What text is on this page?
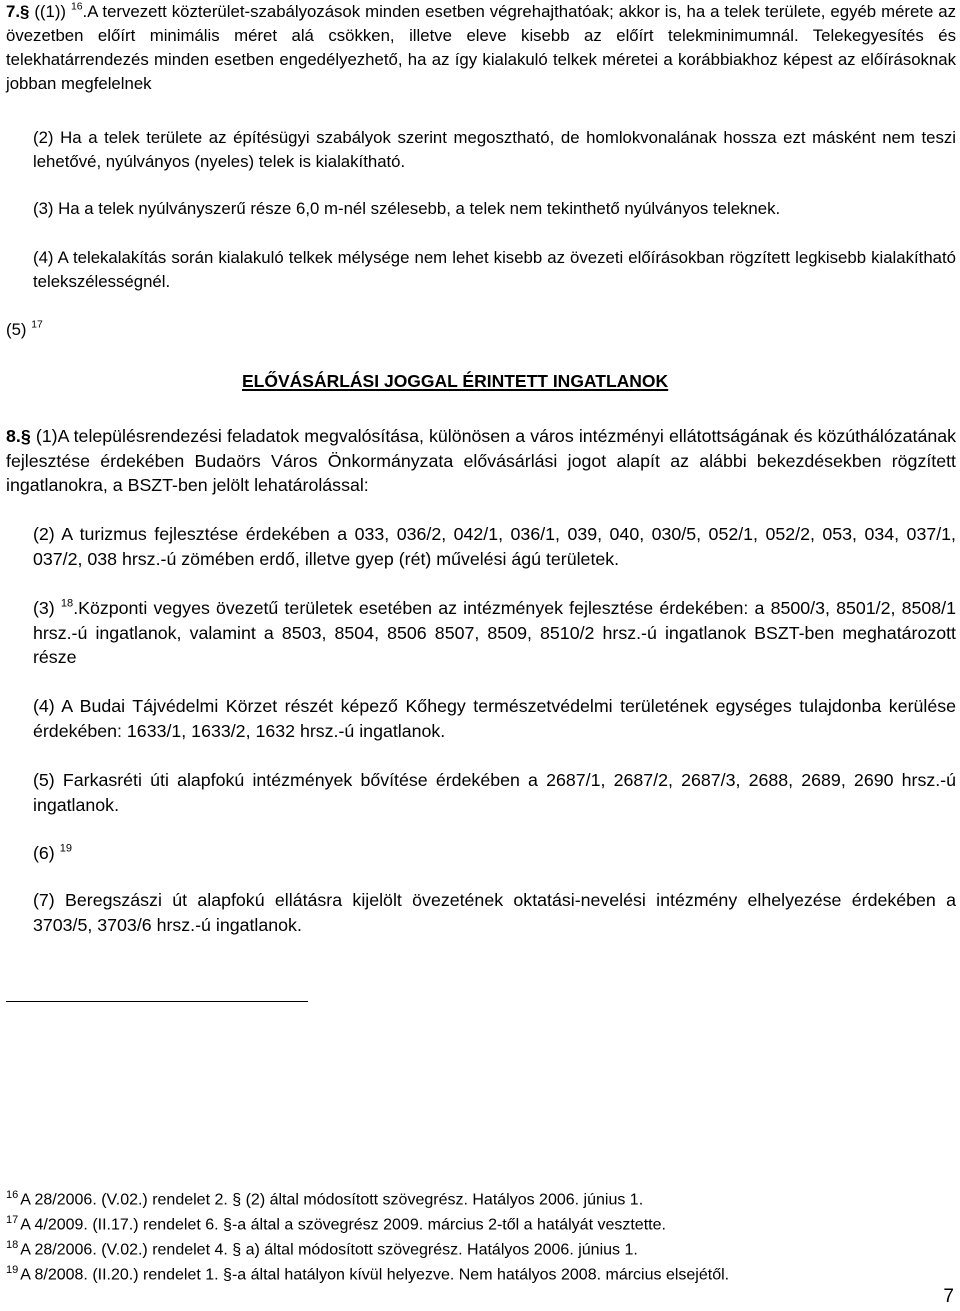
7.§ ((1)) $^{16}$.A tervezett közterület-szabályozások minden esetben végrehajthatóak; akkor is, ha a telek területe, egyéb mérete az övezetben előírt minimális méret alá csökken, illetve eleve kisebb az előírt telekminimumnál. Telekegyesítés és telekhatárrendezés minden esetben engedélyezhető, ha az így kialakuló telkek méretei a korábbiakhoz képest az előírásoknak jobban megfelelnek

(2) Ha a telek területe az építésügyi szabályok szerint megosztható, de homlokvonalának hossza ezt másként nem teszi lehetővé, nyúlványos (nyeles) telek is kialakítható.

(3) Ha a telek nyúlványszerű része 6,0 m-nél szélesebb, a telek nem tekinthető nyúlványos teleknek.

(4) A telekalakítás során kialakuló telkek mélysége nem lehet kisebb az övezeti előírásokban rögzített legkisebb kialakítható telekszélességnél.

(5) $^{17}$

ELŐVÁSÁRLÁSI JOGGAL ÉRINTETT INGATLANOK

8.§ (1)A településrendezési feladatok megvalósítása, különösen a város intézményi ellátottságának és közúthálózatának fejlesztése érdekében Budaörs Város Önkormányzata elővásárlási jogot alapít az alábbi bekezdésekben rögzített ingatlanokra, a BSZT-ben jelölt lehatárolással:

(2) A turizmus fejlesztése érdekében a 033, 036/2, 042/1, 036/1, 039, 040, 030/5, 052/1, 052/2, 053, 034, 037/1, 037/2, 038 hrsz.-ú zömében erdő, illetve gyep (rét) művelési ágú területek.

(3) $^{18}$.Központi vegyes övezetű területek esetében az intézmények fejlesztése érdekében: a 8500/3, 8501/2, 8508/1 hrsz.-ú ingatlanok, valamint a 8503, 8504, 8506 8507, 8509, 8510/2 hrsz.-ú ingatlanok BSZT-ben meghatározott része

(4) A Budai Tájvédelmi Körzet részét képező Kőhegy természetvédelmi területének egységes tulajdonba kerülése érdekében: 1633/1, 1633/2, 1632 hrsz.-ú ingatlanok.

(5) Farkasréti úti alapfokú intézmények bővítése érdekében a 2687/1, 2687/2, 2687/3, 2688, 2689, 2690 hrsz.-ú ingatlanok.

(6) $^{19}$

(7) Beregszászi út alapfokú ellátásra kijelölt övezetének oktatási-nevelési intézmény elhelyezése érdekében a 3703/5, 3703/6 hrsz.-ú ingatlanok.

$^{16}$ A 28/2006. (V.02.) rendelet 2. § (2) által módosított szövegrész. Hatályos 2006. június 1.
$^{17}$ A 4/2009. (II.17.) rendelet 6. §-a által a szövegrész 2009. március 2-től a hatályát vesztette.
$^{18}$ A 28/2006. (V.02.) rendelet 4. § a) által módosított szövegrész. Hatályos 2006. június 1.
$^{19}$ A 8/2008. (II.20.) rendelet 1. §-a által hatályon kívül helyezve. Nem hatályos 2008. március elsejétől.
7
